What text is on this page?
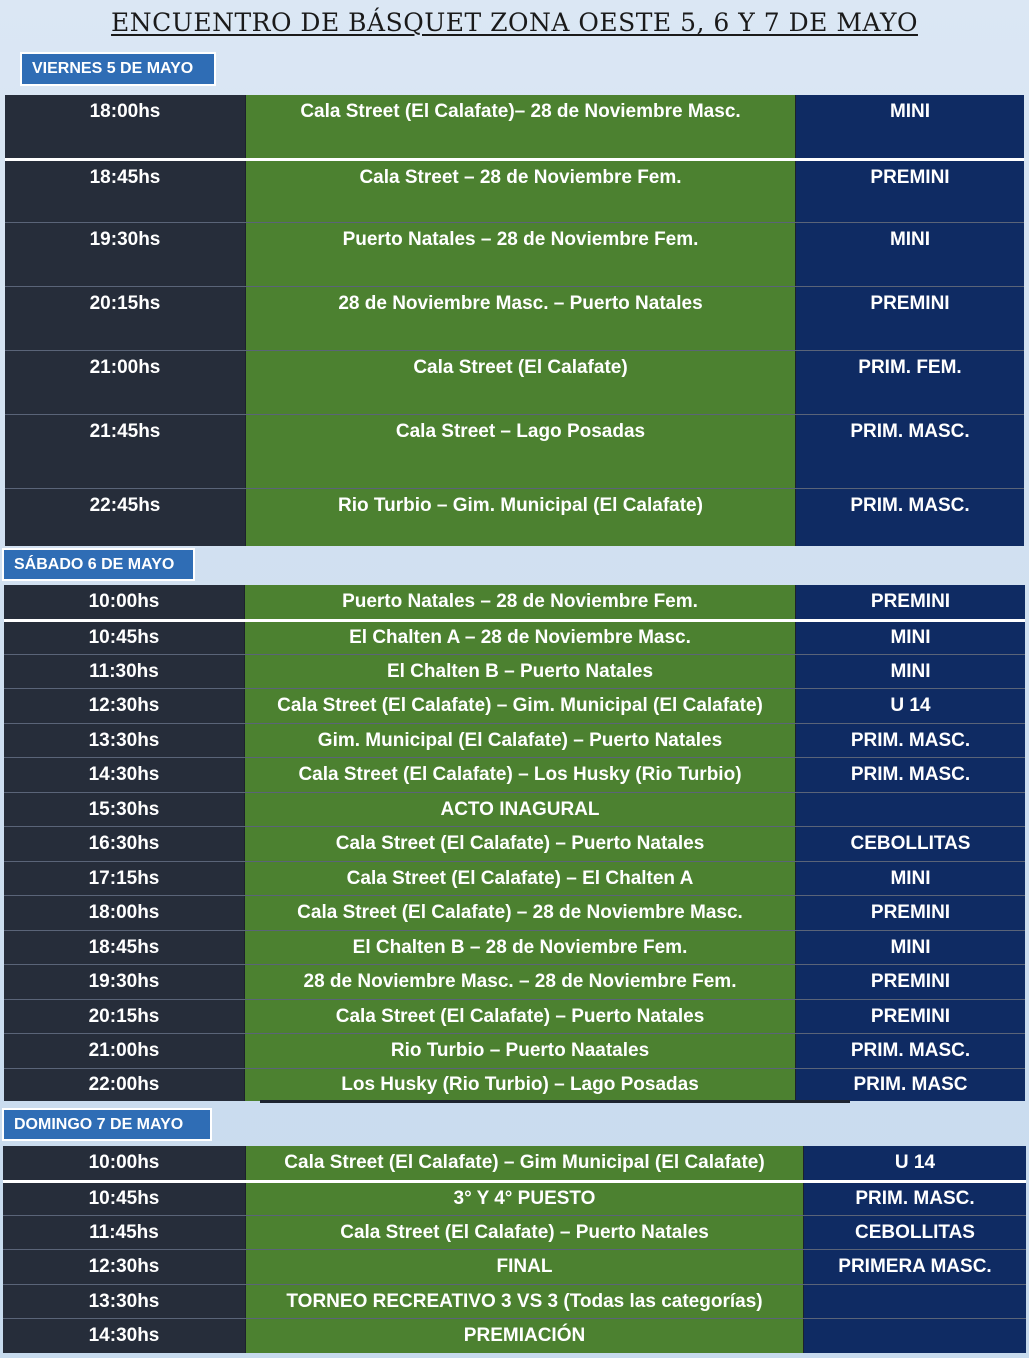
ENCUENTRO DE BÁSQUET ZONA OESTE 5, 6 Y 7 DE MAYO
VIERNES 5 DE MAYO
18:00hs	Cala Street (El Calafate)– 28 de Noviembre Masc.	MINI
18:45hs	Cala Street – 28 de Noviembre Fem.	PREMINI
19:30hs	Puerto Natales – 28 de Noviembre Fem.	MINI
20:15hs	28 de Noviembre Masc. – Puerto Natales	PREMINI
21:00hs	Cala Street (El Calafate)	PRIM. FEM.
21:45hs	Cala Street – Lago Posadas	PRIM. MASC.
22:45hs	Rio Turbio – Gim. Municipal (El Calafate)	PRIM. MASC.
SÁBADO 6 DE MAYO
10:00hs	Puerto Natales – 28 de Noviembre Fem.	PREMINI
10:45hs	El Chalten A – 28 de Noviembre Masc.	MINI
11:30hs	El Chalten B – Puerto Natales	MINI
12:30hs	Cala Street (El Calafate) – Gim. Municipal (El Calafate)	U 14
13:30hs	Gim. Municipal (El Calafate) – Puerto Natales	PRIM. MASC.
14:30hs	Cala Street (El Calafate) – Los Husky (Rio Turbio)	PRIM. MASC.
15:30hs	ACTO INAGURAL
16:30hs	Cala Street (El Calafate) – Puerto Natales	CEBOLLITAS
17:15hs	Cala Street (El Calafate) – El Chalten A	MINI
18:00hs	Cala Street (El Calafate) – 28 de Noviembre Masc.	PREMINI
18:45hs	El Chalten B – 28 de Noviembre Fem.	MINI
19:30hs	28 de Noviembre Masc. – 28 de Noviembre Fem.	PREMINI
20:15hs	Cala Street (El Calafate) – Puerto Natales	PREMINI
21:00hs	Rio Turbio – Puerto Naatales	PRIM. MASC.
22:00hs	Los Husky (Rio Turbio) – Lago Posadas	PRIM. MASC
DOMINGO 7 DE MAYO
10:00hs	Cala Street (El Calafate) – Gim Municipal (El Calafate)	U 14
10:45hs	3° Y 4° PUESTO	PRIM. MASC.
11:45hs	Cala Street (El Calafate) – Puerto Natales	CEBOLLITAS
12:30hs	FINAL	PRIMERA MASC.
13:30hs	TORNEO RECREATIVO 3 VS 3 (Todas las categorías)
14:30hs	PREMIACIÓN
